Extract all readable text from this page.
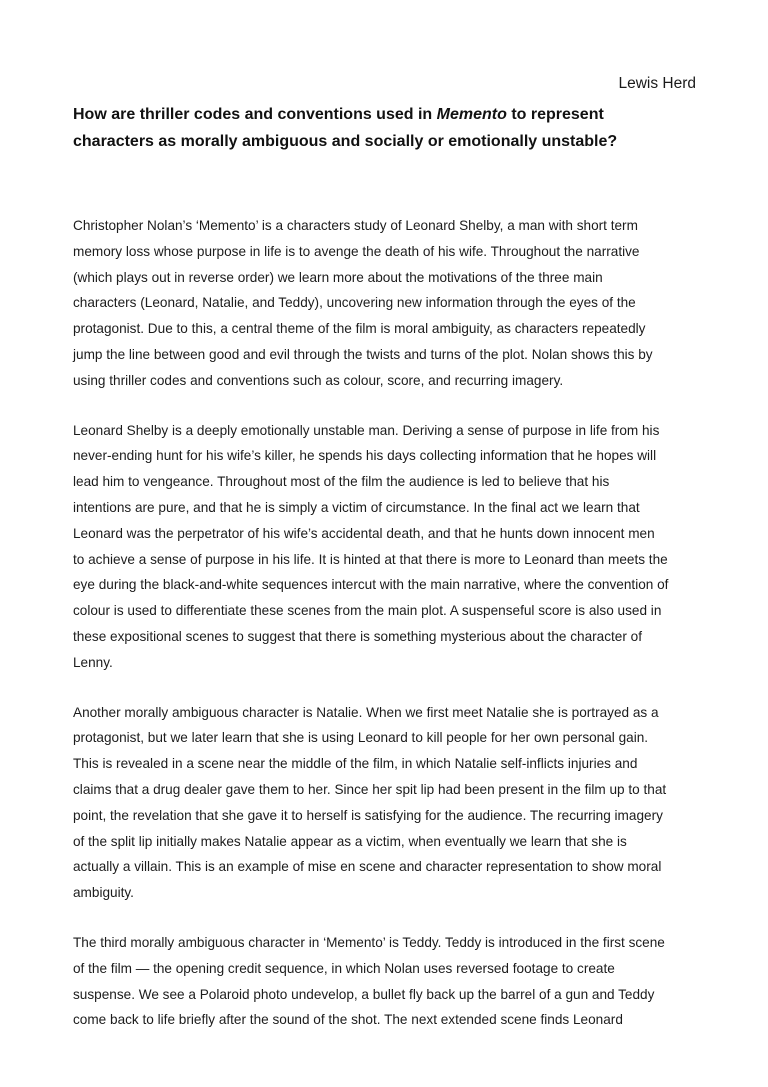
Lewis Herd

How are thriller codes and conventions used in Memento to represent
characters as morally ambiguous and socially or emotionally unstable?

Christopher Nolan’s ‘Memento’ is a characters study of Leonard Shelby, a man with short term
memory loss whose purpose in life is to avenge the death of his wife. Throughout the narrative
(which plays out in reverse order) we learn more about the motivations of the three main
characters (Leonard, Natalie, and Teddy), uncovering new information through the eyes of the
protagonist. Due to this, a central theme of the film is moral ambiguity, as characters repeatedly
jump the line between good and evil through the twists and turns of the plot. Nolan shows this by
using thriller codes and conventions such as colour, score, and recurring imagery.

Leonard Shelby is a deeply emotionally unstable man. Deriving a sense of purpose in life from his
never-ending hunt for his wife’s killer, he spends his days collecting information that he hopes will
lead him to vengeance. Throughout most of the film the audience is led to believe that his
intentions are pure, and that he is simply a victim of circumstance. In the final act we learn that
Leonard was the perpetrator of his wife’s accidental death, and that he hunts down innocent men
to achieve a sense of purpose in his life. It is hinted at that there is more to Leonard than meets the
eye during the black-and-white sequences intercut with the main narrative, where the convention of
colour is used to differentiate these scenes from the main plot. A suspenseful score is also used in
these expositional scenes to suggest that there is something mysterious about the character of
Lenny.

Another morally ambiguous character is Natalie. When we first meet Natalie she is portrayed as a
protagonist, but we later learn that she is using Leonard to kill people for her own personal gain.
This is revealed in a scene near the middle of the film, in which Natalie self-inflicts injuries and
claims that a drug dealer gave them to her. Since her spit lip had been present in the film up to that
point, the revelation that she gave it to herself is satisfying for the audience. The recurring imagery
of the split lip initially makes Natalie appear as a victim, when eventually we learn that she is
actually a villain. This is an example of mise en scene and character representation to show moral
ambiguity.

The third morally ambiguous character in ‘Memento’ is Teddy. Teddy is introduced in the first scene
of the film — the opening credit sequence, in which Nolan uses reversed footage to create
suspense. We see a Polaroid photo undevelop, a bullet fly back up the barrel of a gun and Teddy
come back to life briefly after the sound of the shot. The next extended scene finds Leonard
